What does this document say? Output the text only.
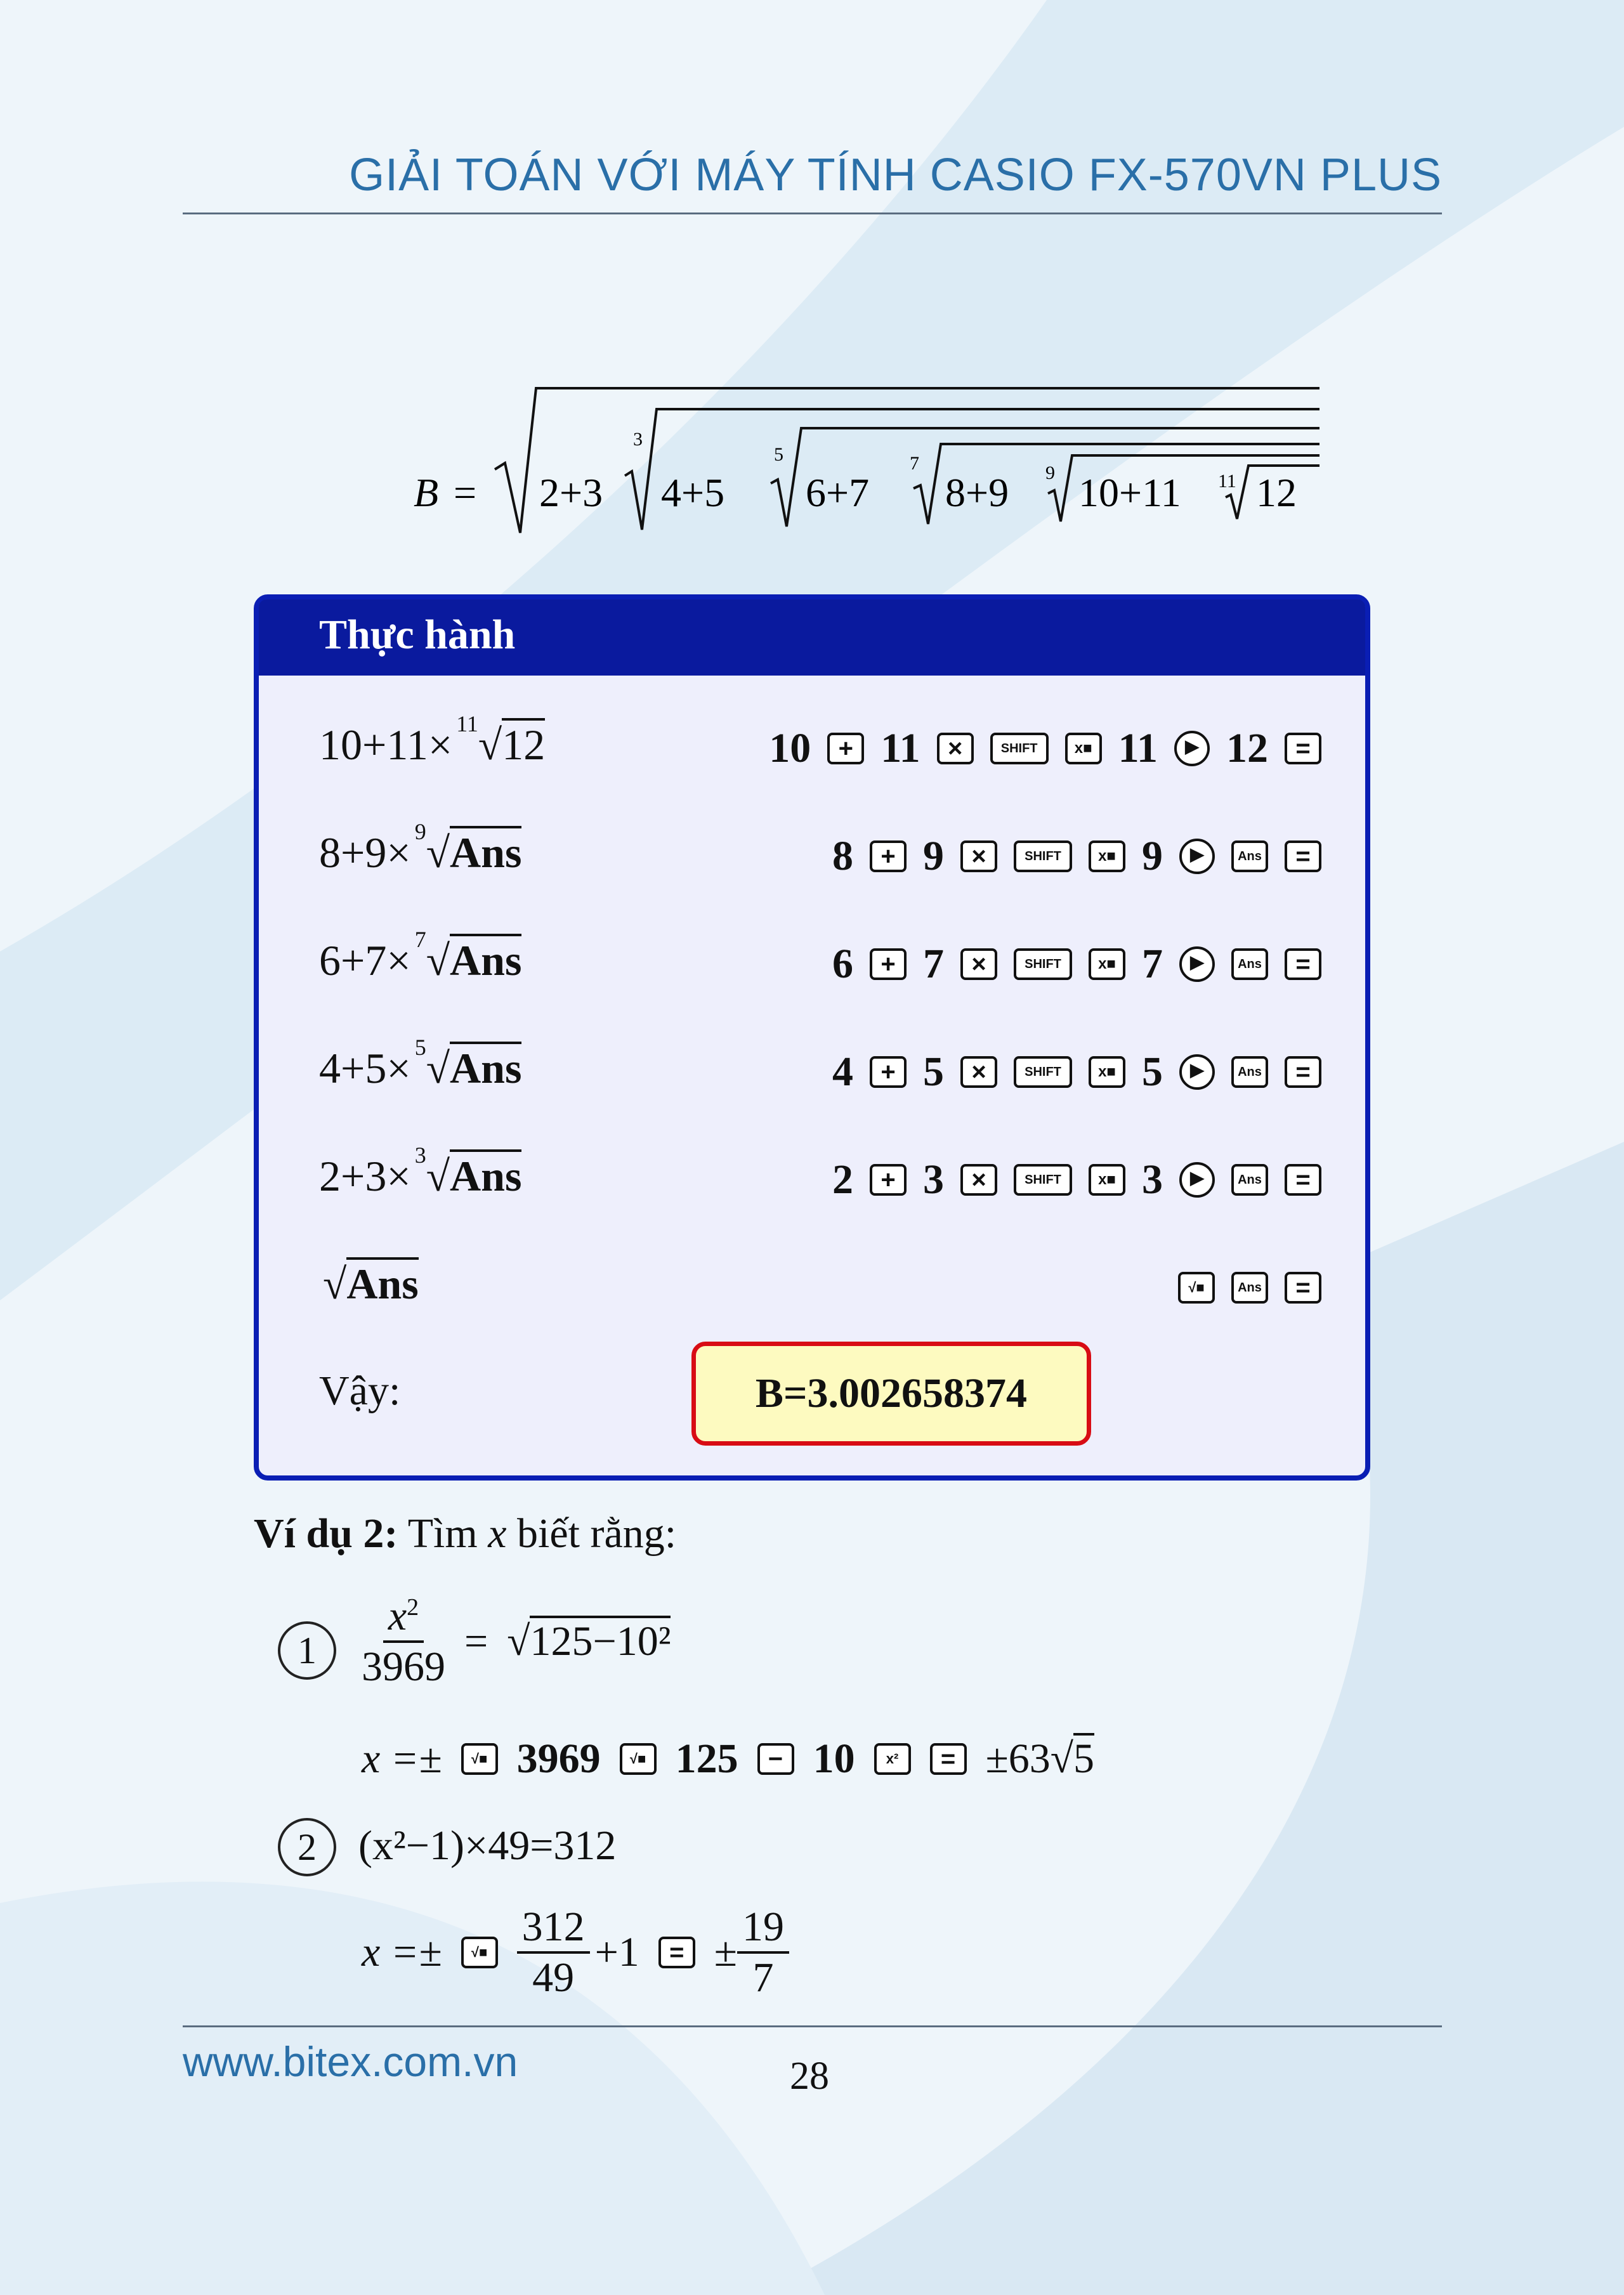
GIẢI TOÁN VỚI MÁY TÍNH CASIO FX-570VN PLUS
B = 2+3
3
4+5
5
6+7
7
8+9 9 10+11 11 12
Thực hành
10+11× $^{11}$√12	10	+ 11	×	SHIFT	x■ 11	▶ 12	=
8+9× $^9$√Ans	8	+ 9	×	SHIFT	x■ 9	▶	Ans	=
6+7× $^7$√Ans	6	+ 7	×	SHIFT	x■ 7	▶	Ans	=
4+5× $^5$√Ans	4	+ 5	×	SHIFT	x■ 5	▶	Ans	=
2+3× $^3$√Ans	2	+ 3	×	SHIFT	x■ 3	▶	Ans	=
√Ans	√■	Ans	=
Vậy:	B=3.002658374
Ví dụ 2: Tìm x biết rằng:
1	$\frac{x^2}{3969} = √125-10^2$
x =±	√■ 3969	√■ 125	− 10	x²	= ±63√5
2	(x²−1)×49=312
x =±	√■ $\frac{312}{49} +1$	= ± $\frac{19}{7}$
www.bitex.com.vn	28
